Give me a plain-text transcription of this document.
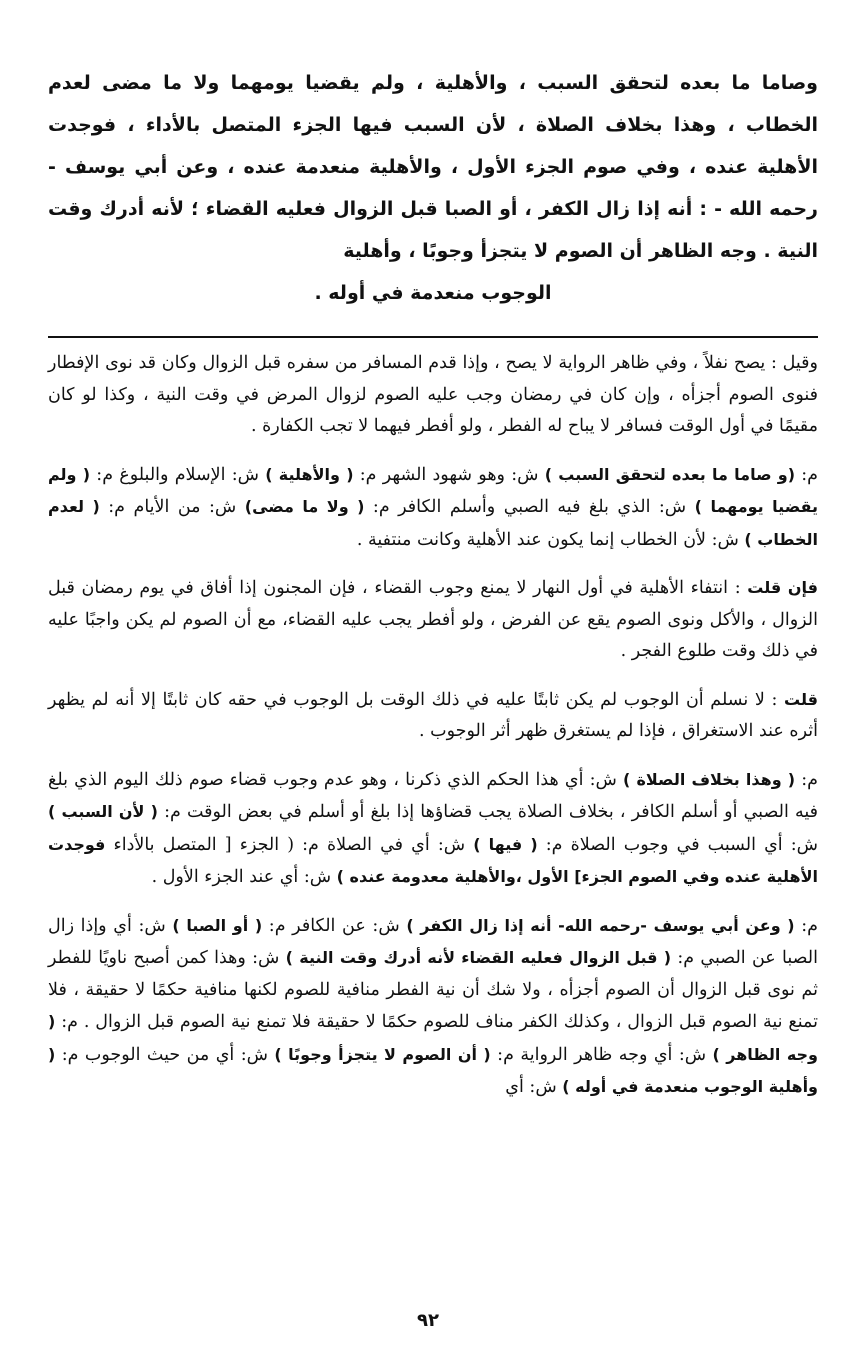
وصاما ما بعده لتحقق السبب ، والأهلية ، ولم يقضيا يومهما ولا ما مضى لعدم الخطاب ، وهذا بخلاف الصلاة ، لأن السبب فيها الجزء المتصل بالأداء ، فوجدت الأهلية عنده ، وفي صوم الجزء الأول ، والأهلية منعدمة عنده ، وعن أبي يوسف - رحمه الله - : أنه إذا زال الكفر ، أو الصبا قبل الزوال فعليه القضاء ؛ لأنه أدرك وقت النية . وجه الظاهر أن الصوم لا يتجزأ وجوبًا ، وأهلية

الوجوب منعدمة في أوله .

وقيل : يصح نفلاً ، وفي ظاهر الرواية لا يصح ، وإذا قدم المسافر من سفره قبل الزوال وكان قد نوى الإفطار فنوى الصوم أجزأه ، وإن كان في رمضان وجب عليه الصوم لزوال المرض في وقت النية ، وكذا لو كان مقيمًا في أول الوقت فسافر لا يباح له الفطر ، ولو أفطر فيهما لا تجب الكفارة .

م: (و صاما ما بعده لتحقق السبب ) ش: وهو شهود الشهر م: ( والأهلية ) ش: الإسلام والبلوغ م: ( ولم يقضيا يومهما ) ش: الذي بلغ فيه الصبي وأسلم الكافر م: ( ولا ما مضى) ش: من الأيام م: ( لعدم الخطاب ) ش: لأن الخطاب إنما يكون عند الأهلية وكانت منتفية .

فإن قلت : انتفاء الأهلية في أول النهار لا يمنع وجوب القضاء ، فإن المجنون إذا أفاق في يوم رمضان قبل الزوال ، والأكل ونوى الصوم يقع عن الفرض ، ولو أفطر يجب عليه القضاء، مع أن الصوم لم يكن واجبًا عليه في ذلك وقت طلوع الفجر .

قلت : لا نسلم أن الوجوب لم يكن ثابتًا عليه في ذلك الوقت بل الوجوب في حقه كان ثابتًا إلا أنه لم يظهر أثره عند الاستغراق ، فإذا لم يستغرق ظهر أثر الوجوب .

م: ( وهذا بخلاف الصلاة ) ش: أي هذا الحكم الذي ذكرنا ، وهو عدم وجوب قضاء صوم ذلك اليوم الذي بلغ فيه الصبي أو أسلم الكافر ، بخلاف الصلاة يجب قضاؤها إذا بلغ أو أسلم في بعض الوقت م: ( لأن السبب ) ش: أي السبب في وجوب الصلاة م: ( فيها ) ش: أي في الصلاة م: ( الجزء [ المتصل بالأداء فوجدت الأهلية عنده وفي الصوم الجزء] الأول ،والأهلية معدومة عنده ) ش: أي عند الجزء الأول .

م: ( وعن أبي يوسف -رحمه الله- أنه إذا زال الكفر ) ش: عن الكافر م: ( أو الصبا ) ش: أي وإذا زال الصبا عن الصبي م: ( قبل الزوال فعليه القضاء لأنه أدرك وقت النية ) ش: وهذا كمن أصبح ناويًا للفطر ثم نوى قبل الزوال أن الصوم أجزأه ، ولا شك أن نية الفطر منافية للصوم لكنها منافية حكمًا لا حقيقة ، فلا تمنع نية الصوم قبل الزوال ، وكذلك الكفر مناف للصوم حكمًا لا حقيقة فلا تمنع نية الصوم قبل الزوال . م: ( وجه الظاهر ) ش: أي وجه ظاهر الرواية م: ( أن الصوم لا يتجزأ وجوبًا ) ش: أي من حيث الوجوب م: ( وأهلية الوجوب منعدمة في أوله ) ش: أي

٩٢
